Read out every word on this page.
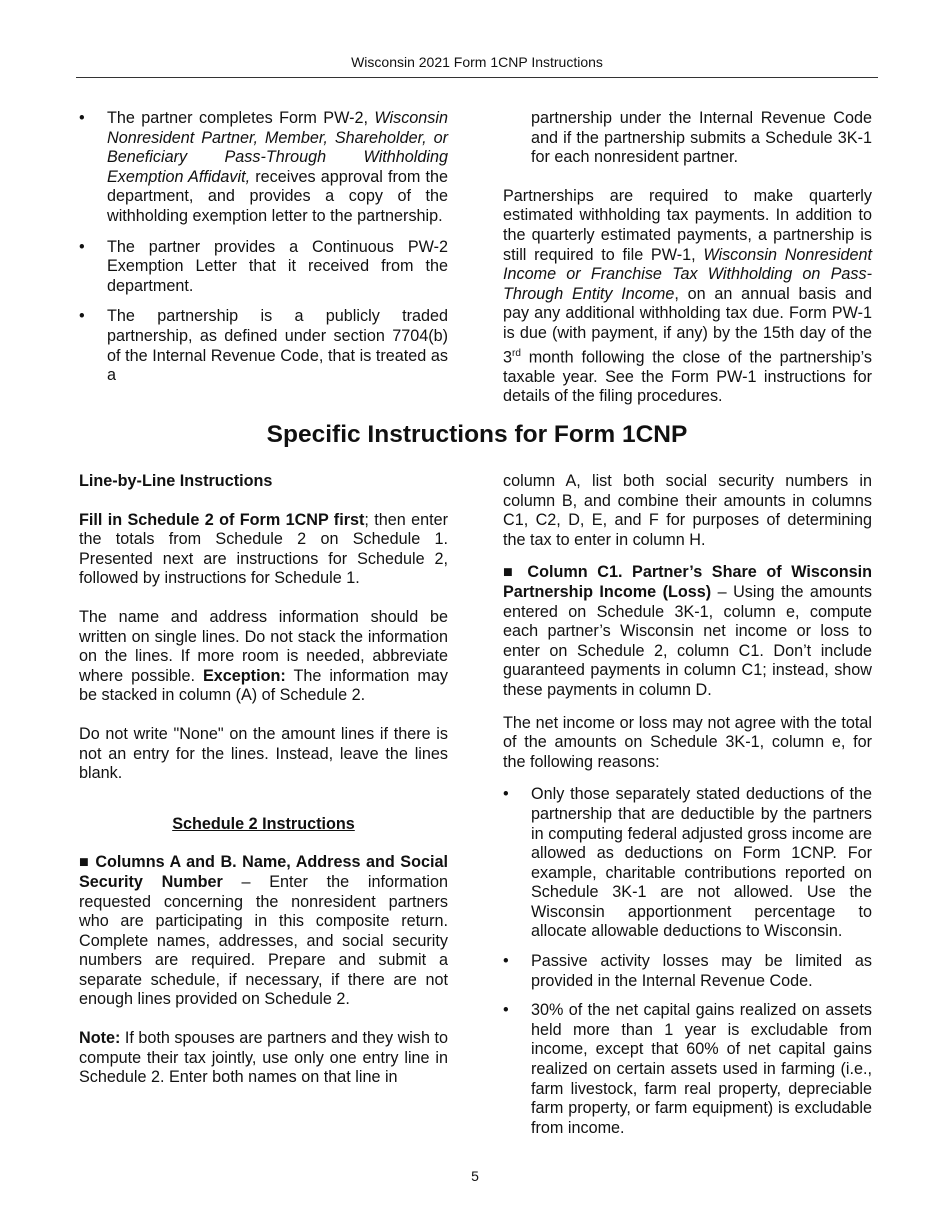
Wisconsin 2021 Form 1CNP Instructions
• The partner completes Form PW-2, Wisconsin Nonresident Partner, Member, Shareholder, or Beneficiary Pass-Through Withholding Exemption Affidavit, receives approval from the department, and provides a copy of the withholding exemption letter to the partnership.
• The partner provides a Continuous PW-2 Exemption Letter that it received from the department.
• The partnership is a publicly traded partnership, as defined under section 7704(b) of the Internal Revenue Code, that is treated as a

partnership under the Internal Revenue Code and if the partnership submits a Schedule 3K-1 for each nonresident partner.

Partnerships are required to make quarterly estimated withholding tax payments. In addition to the quarterly estimated payments, a partnership is still required to file PW-1, Wisconsin Nonresident Income or Franchise Tax Withholding on Pass-Through Entity Income, on an annual basis and pay any additional withholding tax due. Form PW-1 is due (with payment, if any) by the 15th day of the 3rd month following the close of the partnership’s taxable year. See the Form PW-1 instructions for details of the filing procedures.

Specific Instructions for Form 1CNP

Line-by-Line Instructions

Fill in Schedule 2 of Form 1CNP first; then enter the totals from Schedule 2 on Schedule 1. Presented next are instructions for Schedule 2, followed by instructions for Schedule 1.

The name and address information should be written on single lines. Do not stack the information on the lines. If more room is needed, abbreviate where possible. Exception: The information may be stacked in column (A) of Schedule 2.

Do not write "None" on the amount lines if there is not an entry for the lines. Instead, leave the lines blank.

Schedule 2 Instructions

■ Columns A and B. Name, Address and Social Security Number – Enter the information requested concerning the nonresident partners who are participating in this composite return. Complete names, addresses, and social security numbers are required. Prepare and submit a separate schedule, if necessary, if there are not enough lines provided on Schedule 2.

Note: If both spouses are partners and they wish to compute their tax jointly, use only one entry line in Schedule 2. Enter both names on that line in

column A, list both social security numbers in column B, and combine their amounts in columns C1, C2, D, E, and F for purposes of determining the tax to enter in column H.

■ Column C1. Partner’s Share of Wisconsin Partnership Income (Loss) – Using the amounts entered on Schedule 3K-1, column e, compute each partner’s Wisconsin net income or loss to enter on Schedule 2, column C1. Don’t include guaranteed payments in column C1; instead, show these payments in column D.

The net income or loss may not agree with the total of the amounts on Schedule 3K-1, column e, for the following reasons:

• Only those separately stated deductions of the partnership that are deductible by the partners in computing federal adjusted gross income are allowed as deductions on Form 1CNP. For example, charitable contributions reported on Schedule 3K-1 are not allowed. Use the Wisconsin apportionment percentage to allocate allowable deductions to Wisconsin.
• Passive activity losses may be limited as provided in the Internal Revenue Code.
• 30% of the net capital gains realized on assets held more than 1 year is excludable from income, except that 60% of net capital gains realized on certain assets used in farming (i.e., farm livestock, farm real property, depreciable farm property, or farm equipment) is excludable from income.
5
